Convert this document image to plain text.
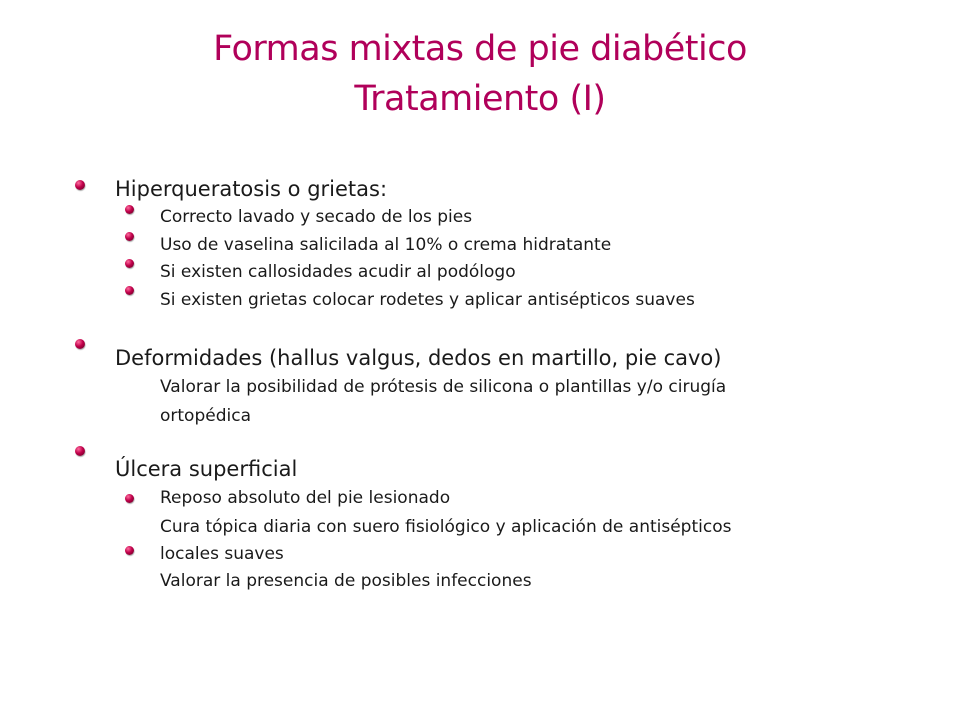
Formas mixtas de pie diabético
Tratamiento (I)
Hiperqueratosis o grietas:
Correcto lavado y secado de los pies
Uso de vaselina salicilada al 10% o crema hidratante
Si existen callosidades acudir al podólogo
Si existen grietas colocar rodetes y aplicar antisépticos suaves
Deformidades (hallus valgus, dedos en martillo, pie cavo)
Valorar la posibilidad de prótesis de silicona o plantillas y/o cirugía
ortopédica
Úlcera superficial
Reposo absoluto del pie lesionado
Cura tópica diaria con suero fisiológico y aplicación de antisépticos
locales suaves
Valorar la presencia de posibles infecciones
